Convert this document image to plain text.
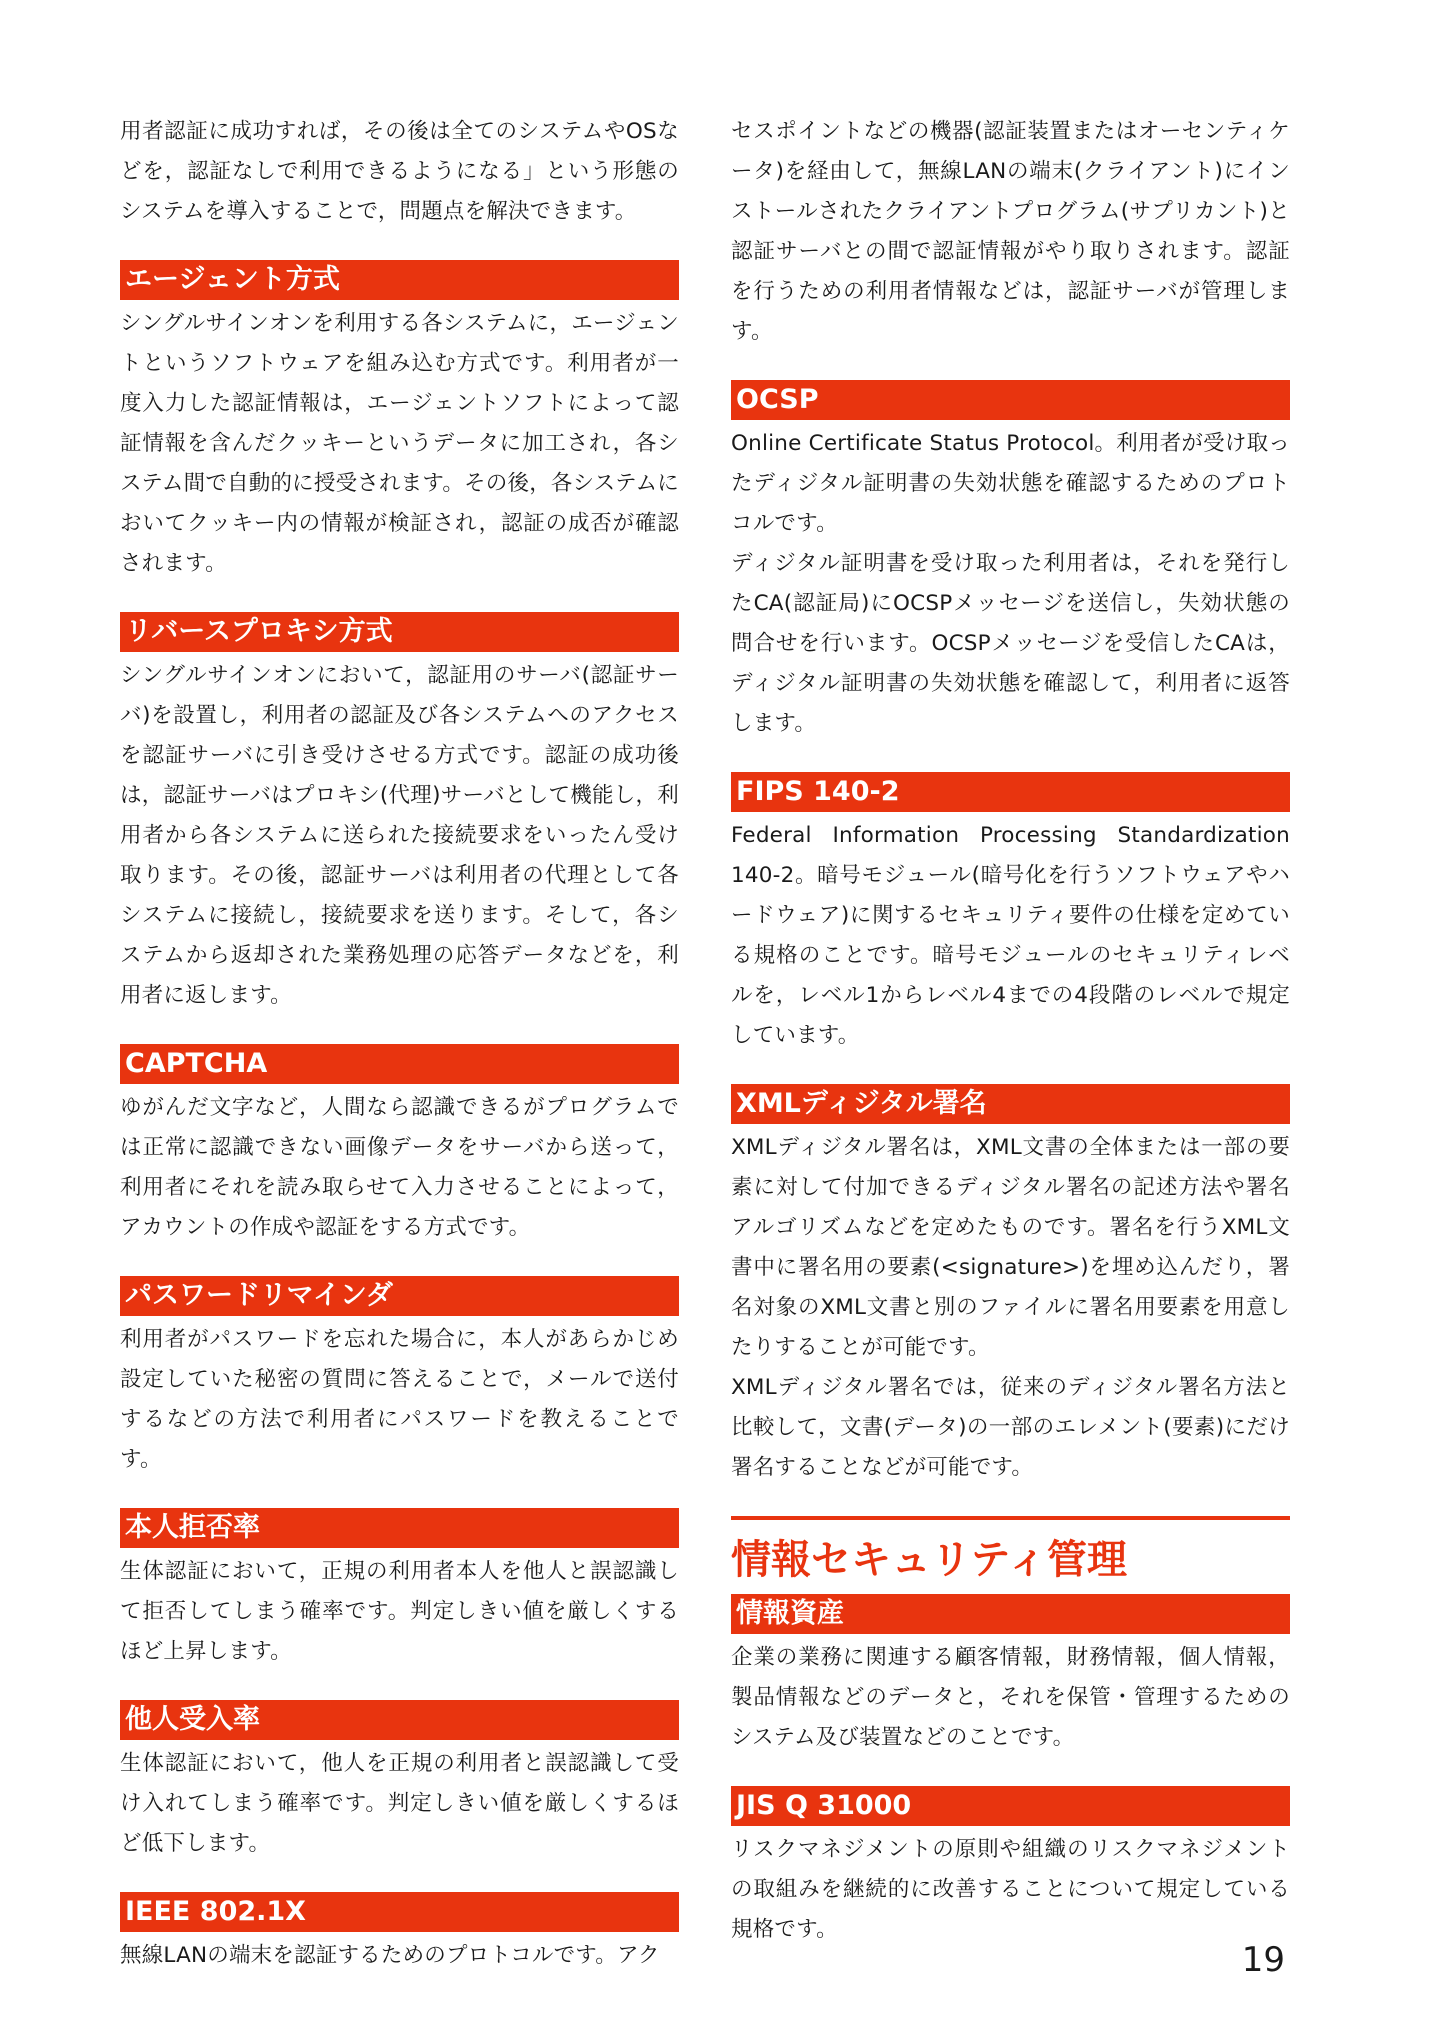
用者認証に成功すれば，その後は全てのシステムやOSなどを，認証なしで利用できるようになる」という形態のシステムを導入することで，問題点を解決できます。

エージェント方式

シングルサインオンを利用する各システムに，エージェントというソフトウェアを組み込む方式です。利用者が一度入力した認証情報は，エージェントソフトによって認証情報を含んだクッキーというデータに加工され，各システム間で自動的に授受されます。その後，各システムにおいてクッキー内の情報が検証され，認証の成否が確認されます。

リバースプロキシ方式

シングルサインオンにおいて，認証用のサーバ(認証サーバ)を設置し，利用者の認証及び各システムへのアクセスを認証サーバに引き受けさせる方式です。認証の成功後は，認証サーバはプロキシ(代理)サーバとして機能し，利用者から各システムに送られた接続要求をいったん受け取ります。その後，認証サーバは利用者の代理として各システムに接続し，接続要求を送ります。そして，各システムから返却された業務処理の応答データなどを，利用者に返します。

CAPTCHA

ゆがんだ文字など，人間なら認識できるがプログラムでは正常に認識できない画像データをサーバから送って，利用者にそれを読み取らせて入力させることによって，アカウントの作成や認証をする方式です。

パスワードリマインダ

利用者がパスワードを忘れた場合に，本人があらかじめ設定していた秘密の質問に答えることで，メールで送付するなどの方法で利用者にパスワードを教えることです。

本人拒否率

生体認証において，正規の利用者本人を他人と誤認識して拒否してしまう確率です。判定しきい値を厳しくするほど上昇します。

他人受入率

生体認証において，他人を正規の利用者と誤認識して受け入れてしまう確率です。判定しきい値を厳しくするほど低下します。

IEEE 802.1X

無線LANの端末を認証するためのプロトコルです。アク

セスポイントなどの機器(認証装置またはオーセンティケータ)を経由して，無線LANの端末(クライアント)にインストールされたクライアントプログラム(サプリカント)と認証サーバとの間で認証情報がやり取りされます。認証を行うための利用者情報などは，認証サーバが管理します。

OCSP

Online Certificate Status Protocol。利用者が受け取ったディジタル証明書の失効状態を確認するためのプロトコルです。

ディジタル証明書を受け取った利用者は，それを発行したCA(認証局)にOCSPメッセージを送信し，失効状態の問合せを行います。OCSPメッセージを受信したCAは，ディジタル証明書の失効状態を確認して，利用者に返答します。

FIPS 140-2

Federal Information Processing Standardization 140-2。暗号モジュール(暗号化を行うソフトウェアやハードウェア)に関するセキュリティ要件の仕様を定めている規格のことです。暗号モジュールのセキュリティレベルを，レベル1からレベル4までの4段階のレベルで規定しています。

XMLディジタル署名

XMLディジタル署名は，XML文書の全体または一部の要素に対して付加できるディジタル署名の記述方法や署名アルゴリズムなどを定めたものです。署名を行うXML文書中に署名用の要素(<signature>)を埋め込んだり，署名対象のXML文書と別のファイルに署名用要素を用意したりすることが可能です。

XMLディジタル署名では，従来のディジタル署名方法と比較して，文書(データ)の一部のエレメント(要素)にだけ署名することなどが可能です。

情報セキュリティ管理
情報資産

企業の業務に関連する顧客情報，財務情報，個人情報，製品情報などのデータと，それを保管・管理するためのシステム及び装置などのことです。

JIS Q 31000

リスクマネジメントの原則や組織のリスクマネジメントの取組みを継続的に改善することについて規定している規格です。

19
